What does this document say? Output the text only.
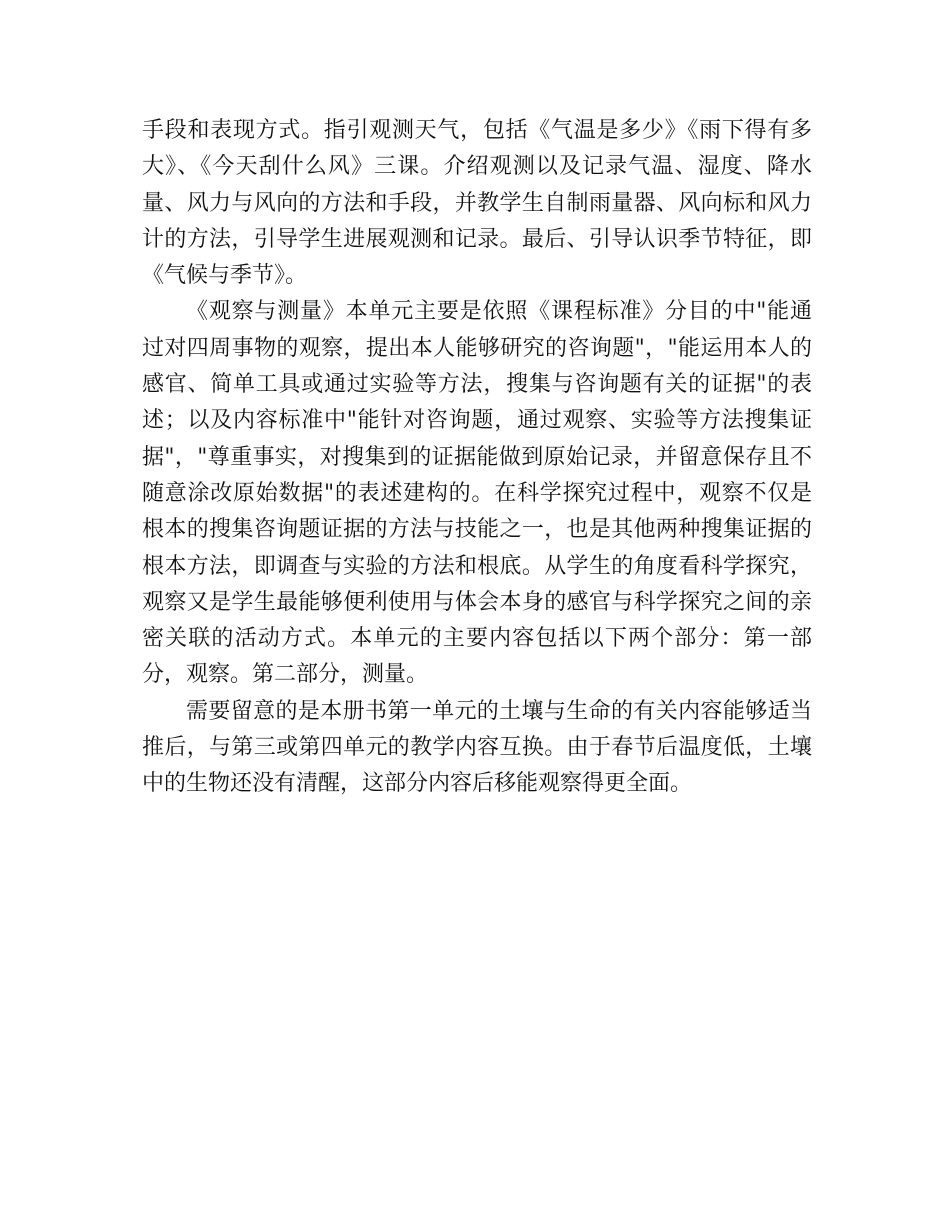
手段和表现方式。指引观测天气，包括《气温是多少》《雨下得有多大》、《今天刮什么风》三课。介绍观测以及记录气温、湿度、降水量、风力与风向的方法和手段，并教学生自制雨量器、风向标和风力计的方法，引导学生进展观测和记录。最后、引导认识季节特征，即《气候与季节》。

《观察与测量》本单元主要是依照《课程标准》分目的中"能通过对四周事物的观察，提出本人能够研究的咨询题"，"能运用本人的感官、简单工具或通过实验等方法，搜集与咨询题有关的证据"的表述；以及内容标准中"能针对咨询题，通过观察、实验等方法搜集证据"，"尊重事实，对搜集到的证据能做到原始记录，并留意保存且不随意涂改原始数据"的表述建构的。在科学探究过程中，观察不仅是根本的搜集咨询题证据的方法与技能之一，也是其他两种搜集证据的根本方法，即调查与实验的方法和根底。从学生的角度看科学探究，观察又是学生最能够便利使用与体会本身的感官与科学探究之间的亲密关联的活动方式。本单元的主要内容包括以下两个部分：第一部分，观察。第二部分，测量。

需要留意的是本册书第一单元的土壤与生命的有关内容能够适当推后，与第三或第四单元的教学内容互换。由于春节后温度低，土壤中的生物还没有清醒，这部分内容后移能观察得更全面。
